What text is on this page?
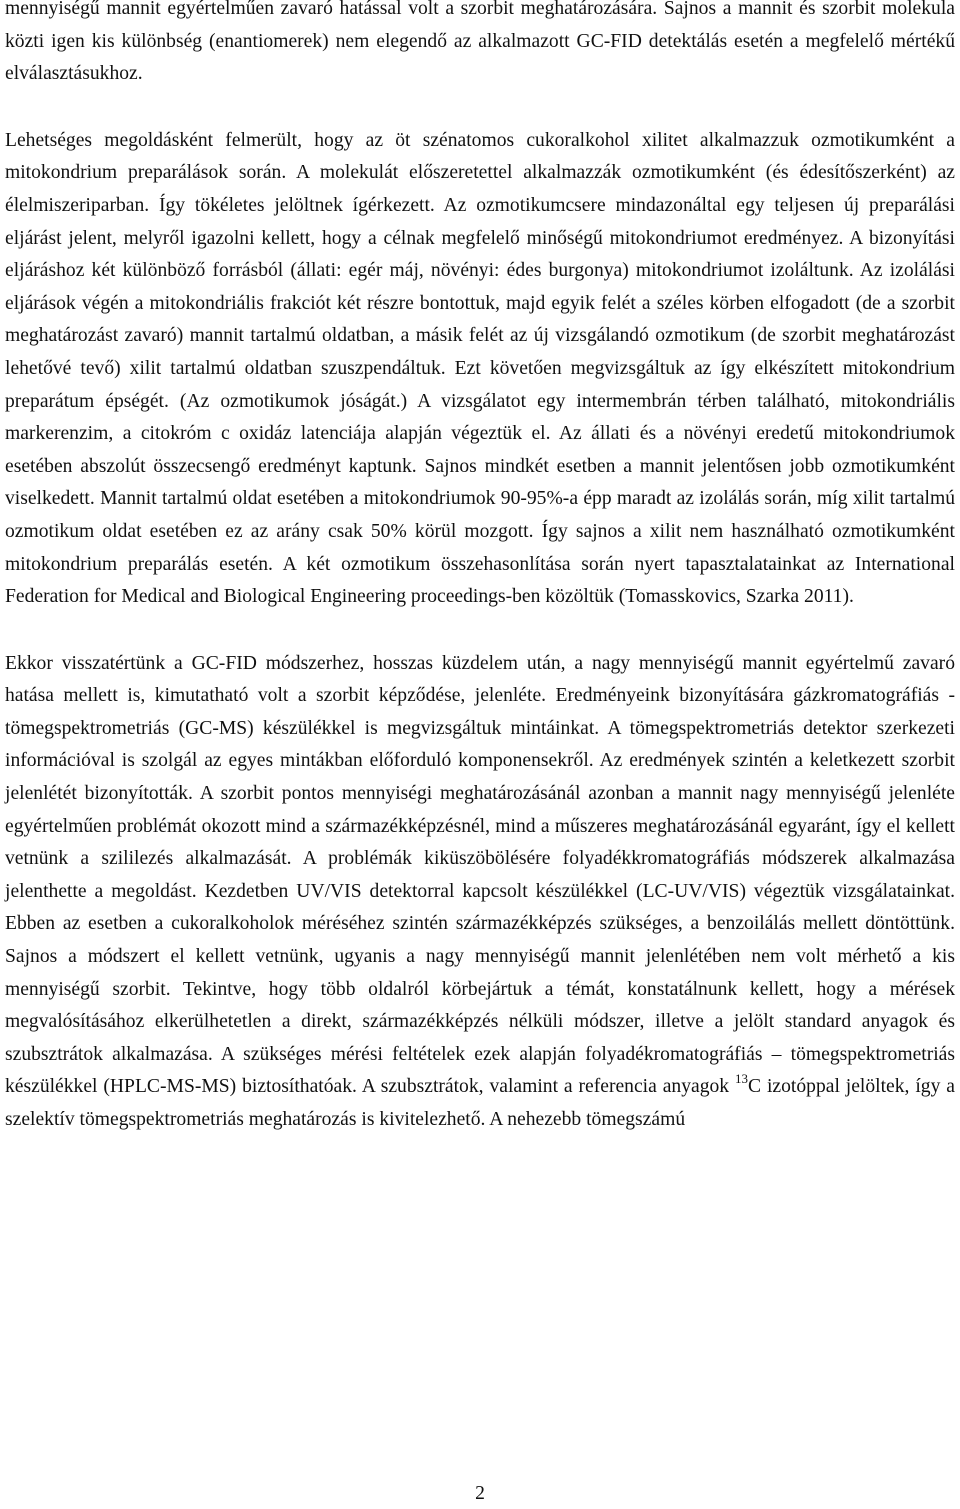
mennyiségű mannit egyértelműen zavaró hatással volt a szorbit meghatározására. Sajnos a mannit és szorbit molekula közti igen kis különbség (enantiomerek) nem elegendő az alkalmazott GC-FID detektálás esetén a megfelelő mértékű elválasztásukhoz.

Lehetséges megoldásként felmerült, hogy az öt szénatomos cukoralkohol xilitet alkalmazzuk ozmotikumként a mitokondrium preparálások során. A molekulát előszeretettel alkalmazzák ozmotikumként (és édesítőszerként) az élelmiszeriparban. Így tökéletes jelöltnek ígérkezett. Az ozmotikumcsere mindazonáltal egy teljesen új preparálási eljárást jelent, melyről igazolni kellett, hogy a célnak megfelelő minőségű mitokondriumot eredményez. A bizonyítási eljáráshoz két különböző forrásból (állati: egér máj, növényi: édes burgonya) mitokondriumot izoláltunk. Az izolálási eljárások végén a mitokondriális frakciót két részre bontottuk, majd egyik felét a széles körben elfogadott (de a szorbit meghatározást zavaró) mannit tartalmú oldatban, a másik felét az új vizsgálandó ozmotikum (de szorbit meghatározást lehetővé tevő) xilit tartalmú oldatban szuszpendáltuk. Ezt követően megvizsgáltuk az így elkészített mitokondrium preparátum épségét. (Az ozmotikumok jóságát.) A vizsgálatot egy intermembrán térben található, mitokondriális markerenzim, a citokróm c oxidáz latenciája alapján végeztük el. Az állati és a növényi eredetű mitokondriumok esetében abszolút összecsengő eredményt kaptunk. Sajnos mindkét esetben a mannit jelentősen jobb ozmotikumként viselkedett. Mannit tartalmú oldat esetében a mitokondriumok 90-95%-a épp maradt az izolálás során, míg xilit tartalmú ozmotikum oldat esetében ez az arány csak 50% körül mozgott. Így sajnos a xilit nem használható ozmotikumként mitokondrium preparálás esetén. A két ozmotikum összehasonlítása során nyert tapasztalatainkat az International Federation for Medical and Biological Engineering proceedings-ben közöltük (Tomasskovics, Szarka 2011).

Ekkor visszatértünk a GC-FID módszerhez, hosszas küzdelem után, a nagy mennyiségű mannit egyértelmű zavaró hatása mellett is, kimutatható volt a szorbit képződése, jelenléte. Eredményeink bizonyítására gázkromatográfiás - tömegspektrometriás (GC-MS) készülékkel is megvizsgáltuk mintáinkat. A tömegspektrometriás detektor szerkezeti információval is szolgál az egyes mintákban előforduló komponensekről. Az eredmények szintén a keletkezett szorbit jelenlétét bizonyították. A szorbit pontos mennyiségi meghatározásánál azonban a mannit nagy mennyiségű jelenléte egyértelműen problémát okozott mind a származékképzésnél, mind a műszeres meghatározásánál egyaránt, így el kellett vetnünk a szililezés alkalmazását. A problémák kiküszöbölésére folyadékkromatográfiás módszerek alkalmazása jelenthette a megoldást. Kezdetben UV/VIS detektorral kapcsolt készülékkel (LC-UV/VIS) végeztük vizsgálatainkat. Ebben az esetben a cukoralkoholok méréséhez szintén származékképzés szükséges, a benzoilálás mellett döntöttünk. Sajnos a módszert el kellett vetnünk, ugyanis a nagy mennyiségű mannit jelenlétében nem volt mérhető a kis mennyiségű szorbit. Tekintve, hogy több oldalról körbejártuk a témát, konstatálnunk kellett, hogy a mérések megvalósításához elkerülhetetlen a direkt, származékképzés nélküli módszer, illetve a jelölt standard anyagok és szubsztrátok alkalmazása. A szükséges mérési feltételek ezek alapján folyadékromatográfiás – tömegspektrometriás készülékkel (HPLC-MS-MS) biztosíthatóak. A szubsztrátok, valamint a referencia anyagok $^{13}$C izotóppal jelöltek, így a szelektív tömegspektrometriás meghatározás is kivitelezhető. A nehezebb tömegszámú

2
